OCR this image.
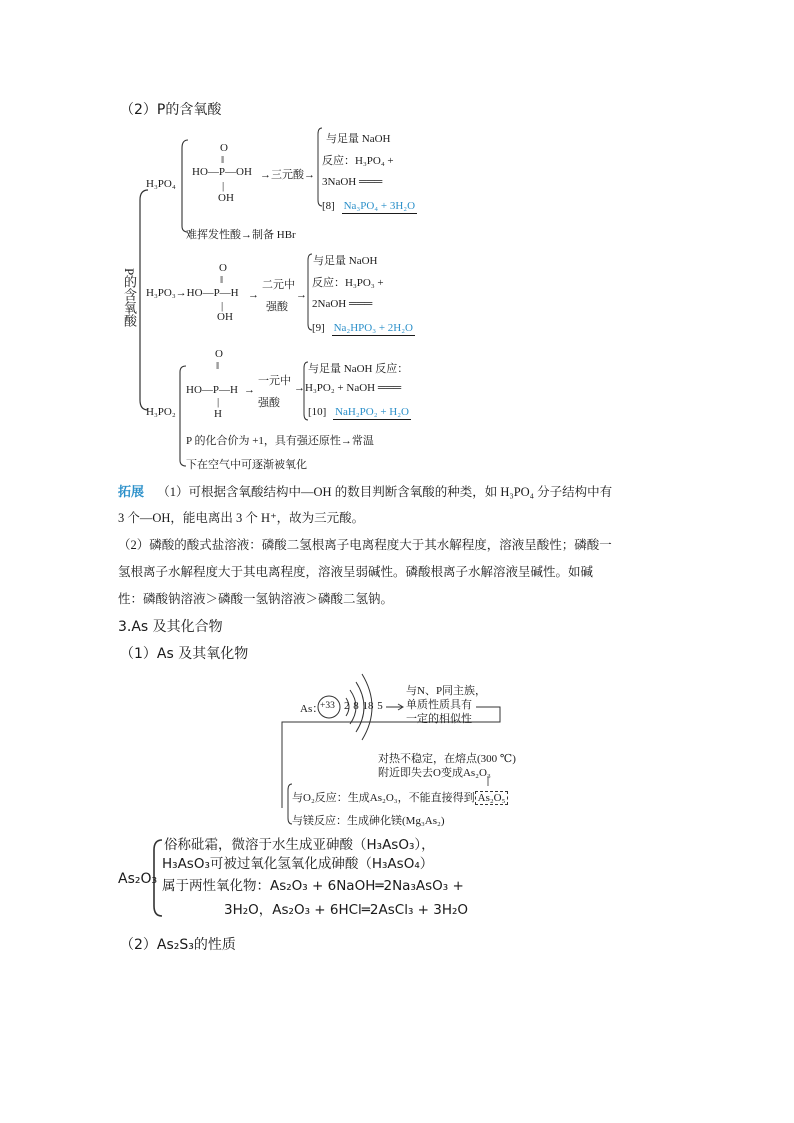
（2）P的含氧酸
P的含氧酸
H₃PO₄
O
‖
HO—P—OH
|
OH
→三元酸→
与足量 NaOH
反应：H₃PO₄ +
3NaOH ═══
[8] Na₃PO₄ + 3H₂O
难挥发性酸→制备 HBr
O
‖
H₃PO₃→HO—P—H
|
OH
→
二元中
强酸
→
与足量 NaOH
反应：H₃PO₃ +
2NaOH ═══
[9] Na₂HPO₃ + 2H₂O
O
‖
HO—P—H
|
H
H₃PO₂
→
一元中
强酸
与足量 NaOH 反应：
→H₃PO₂ + NaOH ═══
[10] NaH₂PO₂ + H₂O
P 的化合价为 +1，具有强还原性→常温
下在空气中可逐渐被氧化
拓展 （1）可根据含氧酸结构中—OH 的数目判断含氧酸的种类，如 H₃PO₄ 分子结构中有
3 个—OH，能电离出 3 个 H⁺，故为三元酸。
（2）磷酸的酸式盐溶液：磷酸二氢根离子电离程度大于其水解程度，溶液呈酸性；磷酸一
氢根离子水解程度大于其电离程度，溶液呈弱碱性。磷酸根离子水解溶液呈碱性。如碱
性：磷酸钠溶液＞磷酸一氢钠溶液＞磷酸二氢钠。
3.As 及其化合物
（1）As 及其氧化物
As：
+33 2 8 18 5

与N、P同主族，

单质性质具有

一定的相似性

对热不稳定，在熔点(300 ℃)

附近即失去O变成As₂O₃

与O₂反应：生成As₂O₃，不能直接得到 As₂O₅
与镁反应：生成砷化镁(Mg₃As₂)
As₂O₃
俗称砒霜，微溶于水生成亚砷酸（H₃AsO₃），
H₃AsO₃可被过氧化氢氧化成砷酸（H₃AsO₄）
属于两性氧化物：As₂O₃ + 6NaOH═2Na₃AsO₃ +
3H₂O，As₂O₃ + 6HCl═2AsCl₃ + 3H₂O
（2）As₂S₃的性质
